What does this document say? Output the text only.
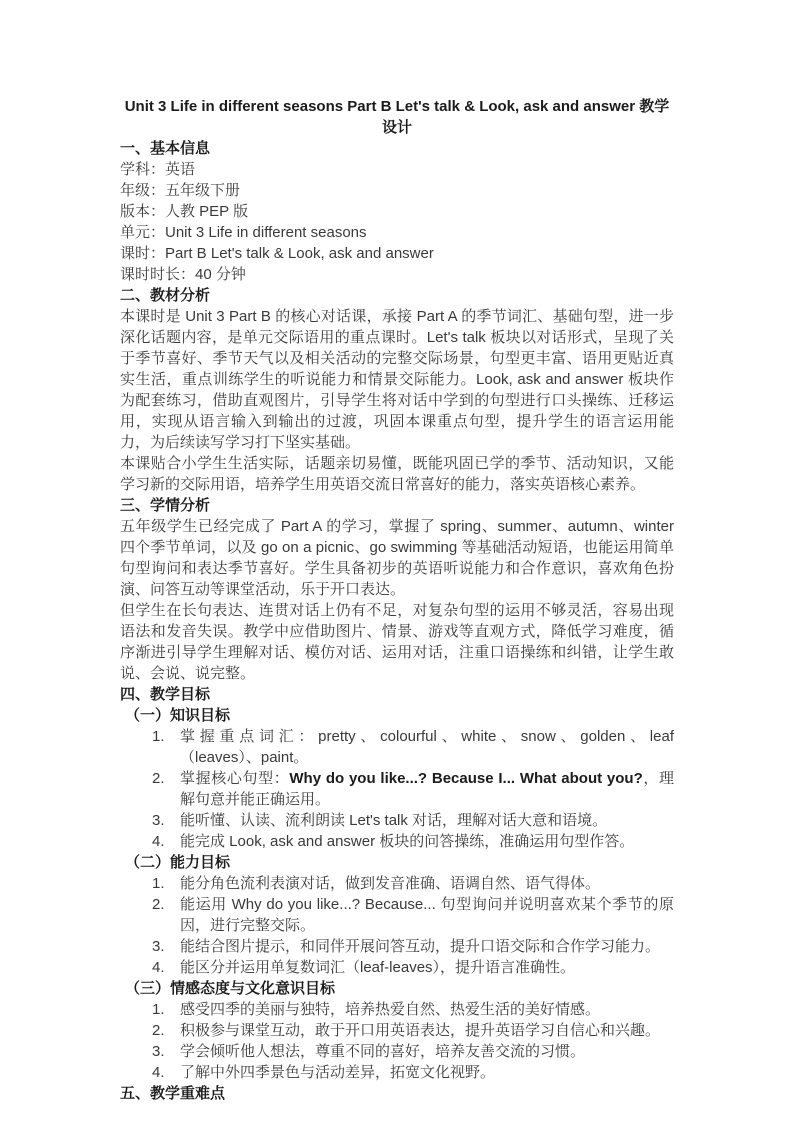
Unit 3 Life in different seasons Part B Let's talk & Look, ask and answer 教学设计
一、基本信息
学科：英语
年级：五年级下册
版本：人教 PEP 版
单元：Unit 3 Life in different seasons
课时：Part B Let's talk & Look, ask and answer
课时时长：40 分钟
二、教材分析
本课时是 Unit 3 Part B 的核心对话课，承接 Part A 的季节词汇、基础句型，进一步深化话题内容，是单元交际语用的重点课时。Let's talk 板块以对话形式，呈现了关于季节喜好、季节天气以及相关活动的完整交际场景，句型更丰富、语用更贴近真实生活，重点训练学生的听说能力和情景交际能力。Look, ask and answer 板块作为配套练习，借助直观图片，引导学生将对话中学到的句型进行口头操练、迁移运用，实现从语言输入到输出的过渡，巩固本课重点句型，提升学生的语言运用能力，为后续读写学习打下坚实基础。
本课贴合小学生生活实际，话题亲切易懂，既能巩固已学的季节、活动知识，又能学习新的交际用语，培养学生用英语交流日常喜好的能力，落实英语核心素养。
三、学情分析
五年级学生已经完成了 Part A 的学习，掌握了 spring、summer、autumn、winter 四个季节单词，以及 go on a picnic、go swimming 等基础活动短语，也能运用简单句型询问和表达季节喜好。学生具备初步的英语听说能力和合作意识，喜欢角色扮演、问答互动等课堂活动，乐于开口表达。
但学生在长句表达、连贯对话上仍有不足，对复杂句型的运用不够灵活，容易出现语法和发音失误。教学中应借助图片、情景、游戏等直观方式，降低学习难度，循序渐进引导学生理解对话、模仿对话、运用对话，注重口语操练和纠错，让学生敢说、会说、说完整。
四、教学目标
（一）知识目标
1. 掌握重点词汇：pretty、colourful、white、snow、golden、leaf（leaves）、paint。
2. 掌握核心句型：Why do you like...? Because I... What about you?，理解句意并能正确运用。
3. 能听懂、认读、流利朗读 Let's talk 对话，理解对话大意和语境。
4. 能完成 Look, ask and answer 板块的问答操练，准确运用句型作答。
（二）能力目标
1. 能分角色流利表演对话，做到发音准确、语调自然、语气得体。
2. 能运用 Why do you like...? Because... 句型询问并说明喜欢某个季节的原因，进行完整交际。
3. 能结合图片提示，和同伴开展问答互动，提升口语交际和合作学习能力。
4. 能区分并运用单复数词汇（leaf-leaves），提升语言准确性。
（三）情感态度与文化意识目标
1. 感受四季的美丽与独特，培养热爱自然、热爱生活的美好情感。
2. 积极参与课堂互动，敢于开口用英语表达，提升英语学习自信心和兴趣。
3. 学会倾听他人想法，尊重不同的喜好，培养友善交流的习惯。
4. 了解中外四季景色与活动差异，拓宽文化视野。
五、教学重难点
